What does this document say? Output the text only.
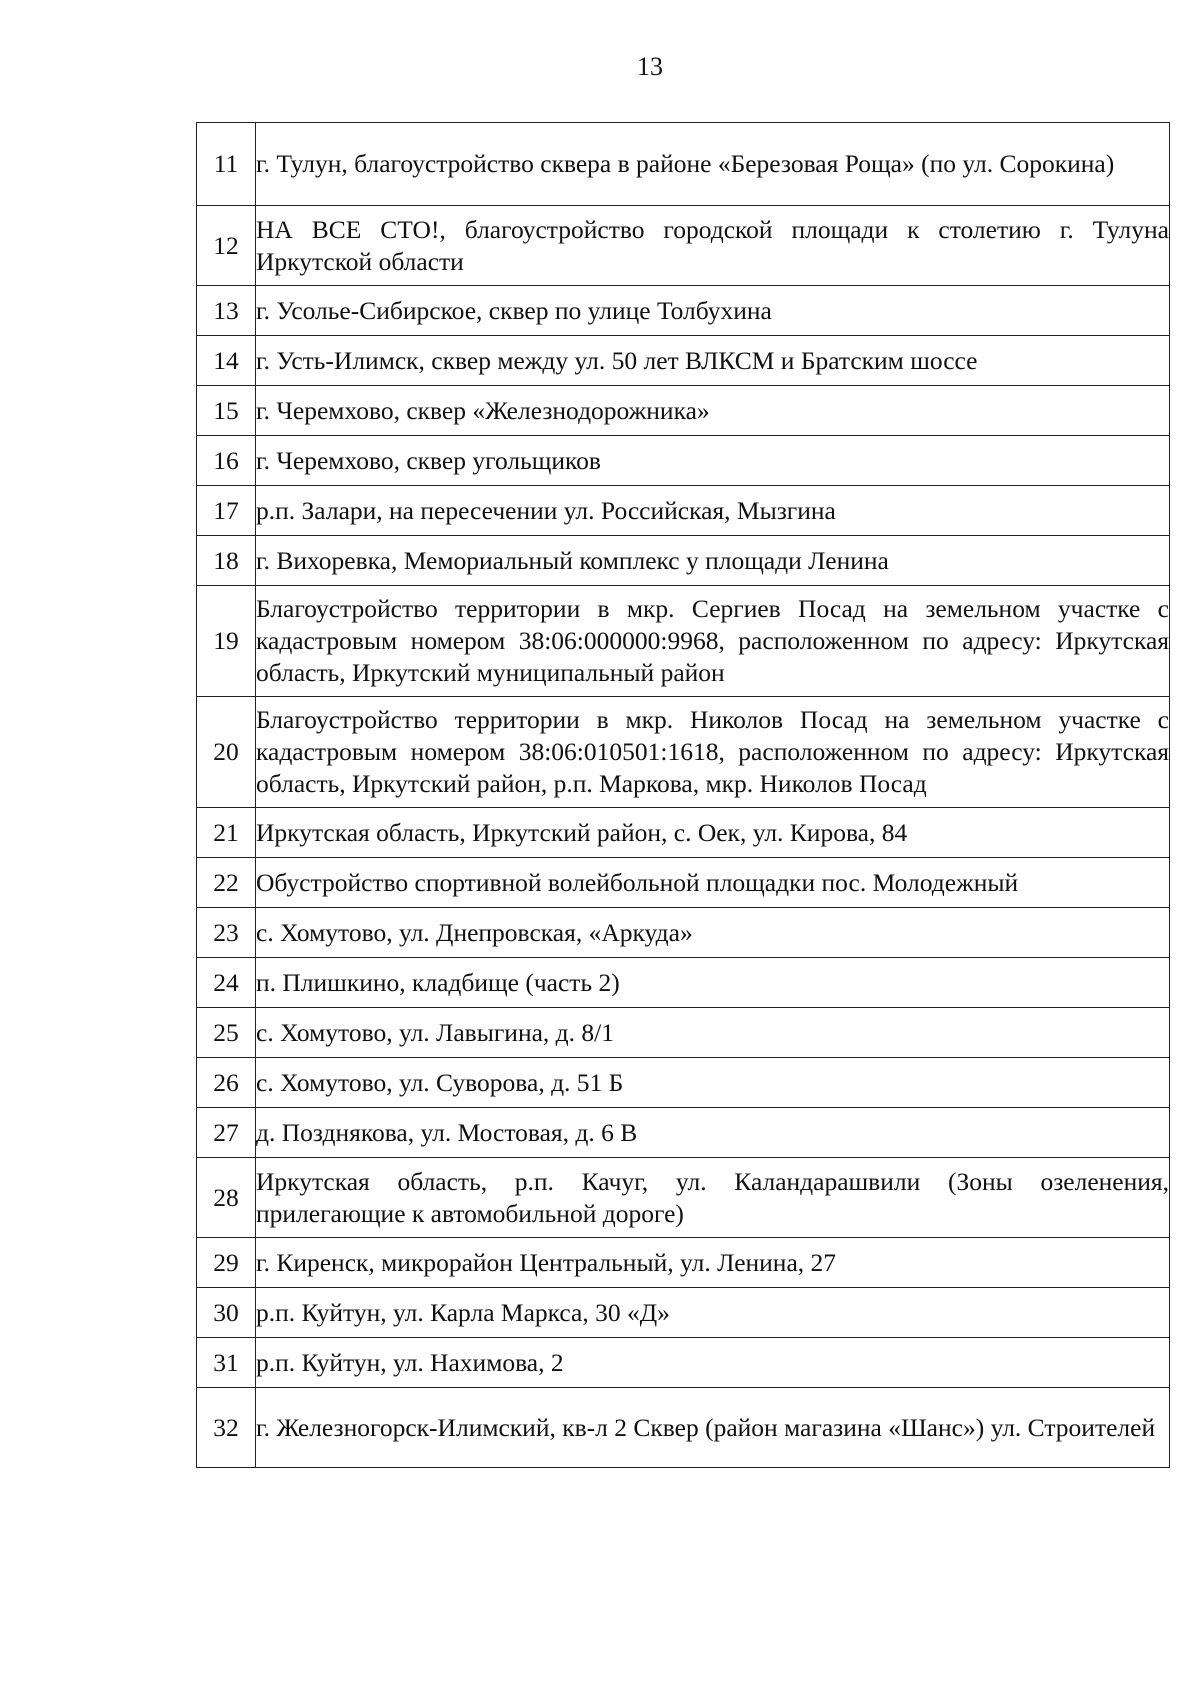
13
11	г. Тулун, благоустройство сквера в районе «Березовая Роща» (по ул. Сорокина)
12	НА ВСЕ СТО!, благоустройство городской площади к столетию г. Тулуна Иркутской области
13	г. Усолье-Сибирское, сквер по улице Толбухина
14	г. Усть-Илимск, сквер между ул. 50 лет ВЛКСМ и Братским шоссе
15	г. Черемхово, сквер «Железнодорожника»
16	г. Черемхово, сквер угольщиков
17	р.п. Залари, на пересечении ул. Российская, Мызгина
18	г. Вихоревка, Мемориальный комплекс у площади Ленина
19	Благоустройство территории в мкр. Сергиев Посад на земельном участке с кадастровым номером 38:06:000000:9968, расположенном по адресу: Иркутская область, Иркутский муниципальный район
20	Благоустройство территории в мкр. Николов Посад на земельном участке с кадастровым номером 38:06:010501:1618, расположенном по адресу: Иркутская область, Иркутский район, р.п. Маркова, мкр. Николов Посад
21	Иркутская область, Иркутский район, с. Оек, ул. Кирова, 84
22	Обустройство спортивной волейбольной площадки пос. Молодежный
23	с. Хомутово, ул. Днепровская, «Аркуда»
24	п. Плишкино, кладбище (часть 2)
25	с. Хомутово, ул. Лавыгина, д. 8/1
26	с. Хомутово, ул. Суворова, д. 51 Б
27	д. Позднякова, ул. Мостовая, д. 6 В
28	Иркутская область, р.п. Качуг, ул. Каландарашвили (Зоны озеленения, прилегающие к автомобильной дороге)
29	г. Киренск, микрорайон Центральный, ул. Ленина, 27
30	р.п. Куйтун, ул. Карла Маркса, 30 «Д»
31	р.п. Куйтун, ул. Нахимова, 2
32	г. Железногорск-Илимский, кв-л 2 Сквер (район магазина «Шанс») ул. Строителей
